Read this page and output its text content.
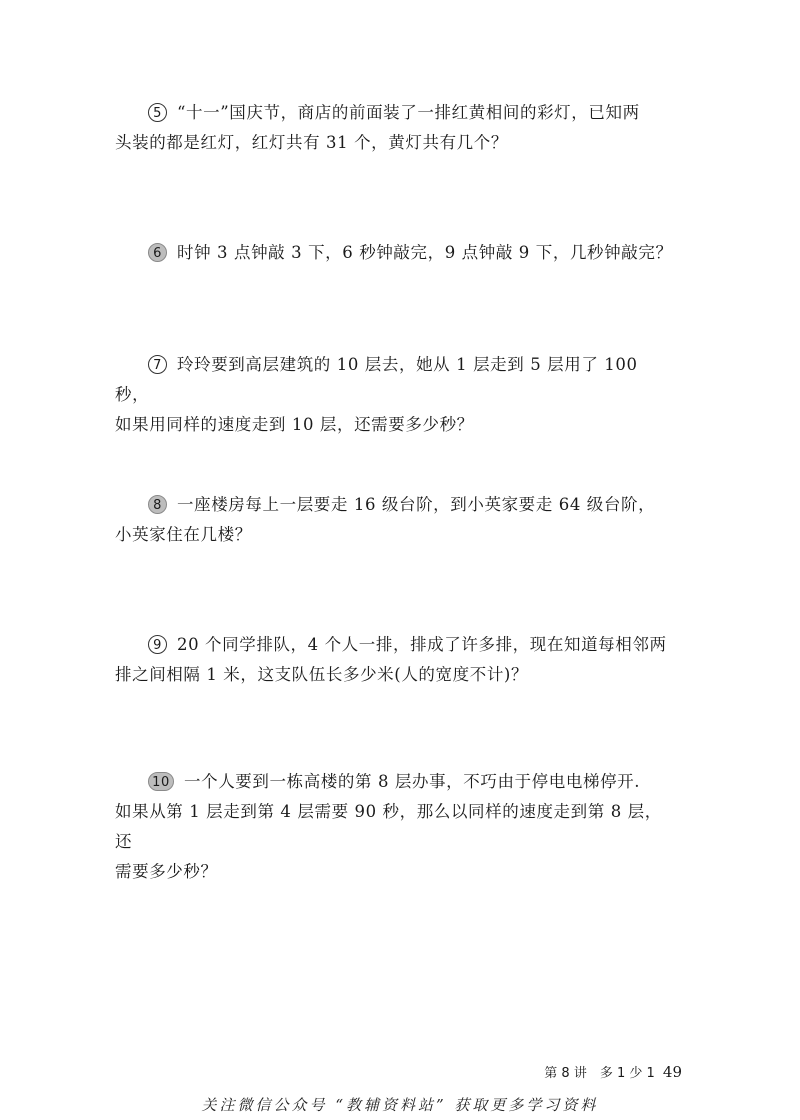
5 “十一”国庆节，商店的前面装了一排红黄相间的彩灯，已知两
头装的都是红灯，红灯共有 31 个，黄灯共有几个？
6 时钟 3 点钟敲 3 下，6 秒钟敲完，9 点钟敲 9 下，几秒钟敲完？
7 玲玲要到高层建筑的 10 层去，她从 1 层走到 5 层用了 100 秒，
如果用同样的速度走到 10 层，还需要多少秒？
8 一座楼房每上一层要走 16 级台阶，到小英家要走 64 级台阶，
小英家住在几楼？
9 20 个同学排队，4 个人一排，排成了许多排，现在知道每相邻两
排之间相隔 1 米，这支队伍长多少米(人的宽度不计)？
10 一个人要到一栋高楼的第 8 层办事，不巧由于停电电梯停开.
如果从第 1 层走到第 4 层需要 90 秒，那么以同样的速度走到第 8 层，还
需要多少秒？
第 8 讲　多 1 少 1 49
关注微信公众号 “教辅资料站” 获取更多学习资料
